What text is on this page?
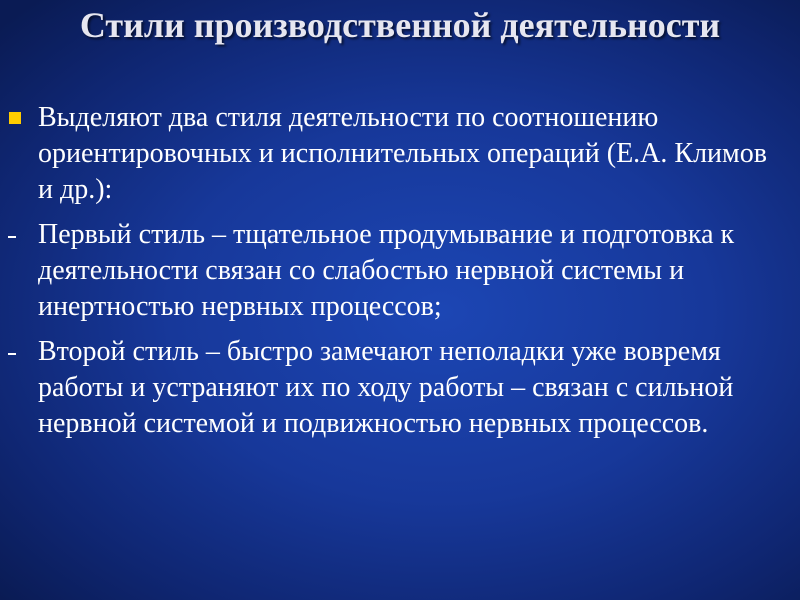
Стили производственной деятельности
Выделяют два стиля деятельности по соотношению ориентировочных и исполнительных операций (Е.А. Климов и др.):
Первый стиль – тщательное продумывание и подготовка к деятельности связан со слабостью нервной системы и инертностью нервных процессов;
Второй стиль – быстро замечают неполадки уже вовремя работы и устраняют их по ходу работы – связан с сильной нервной системой и подвижностью нервных процессов.
